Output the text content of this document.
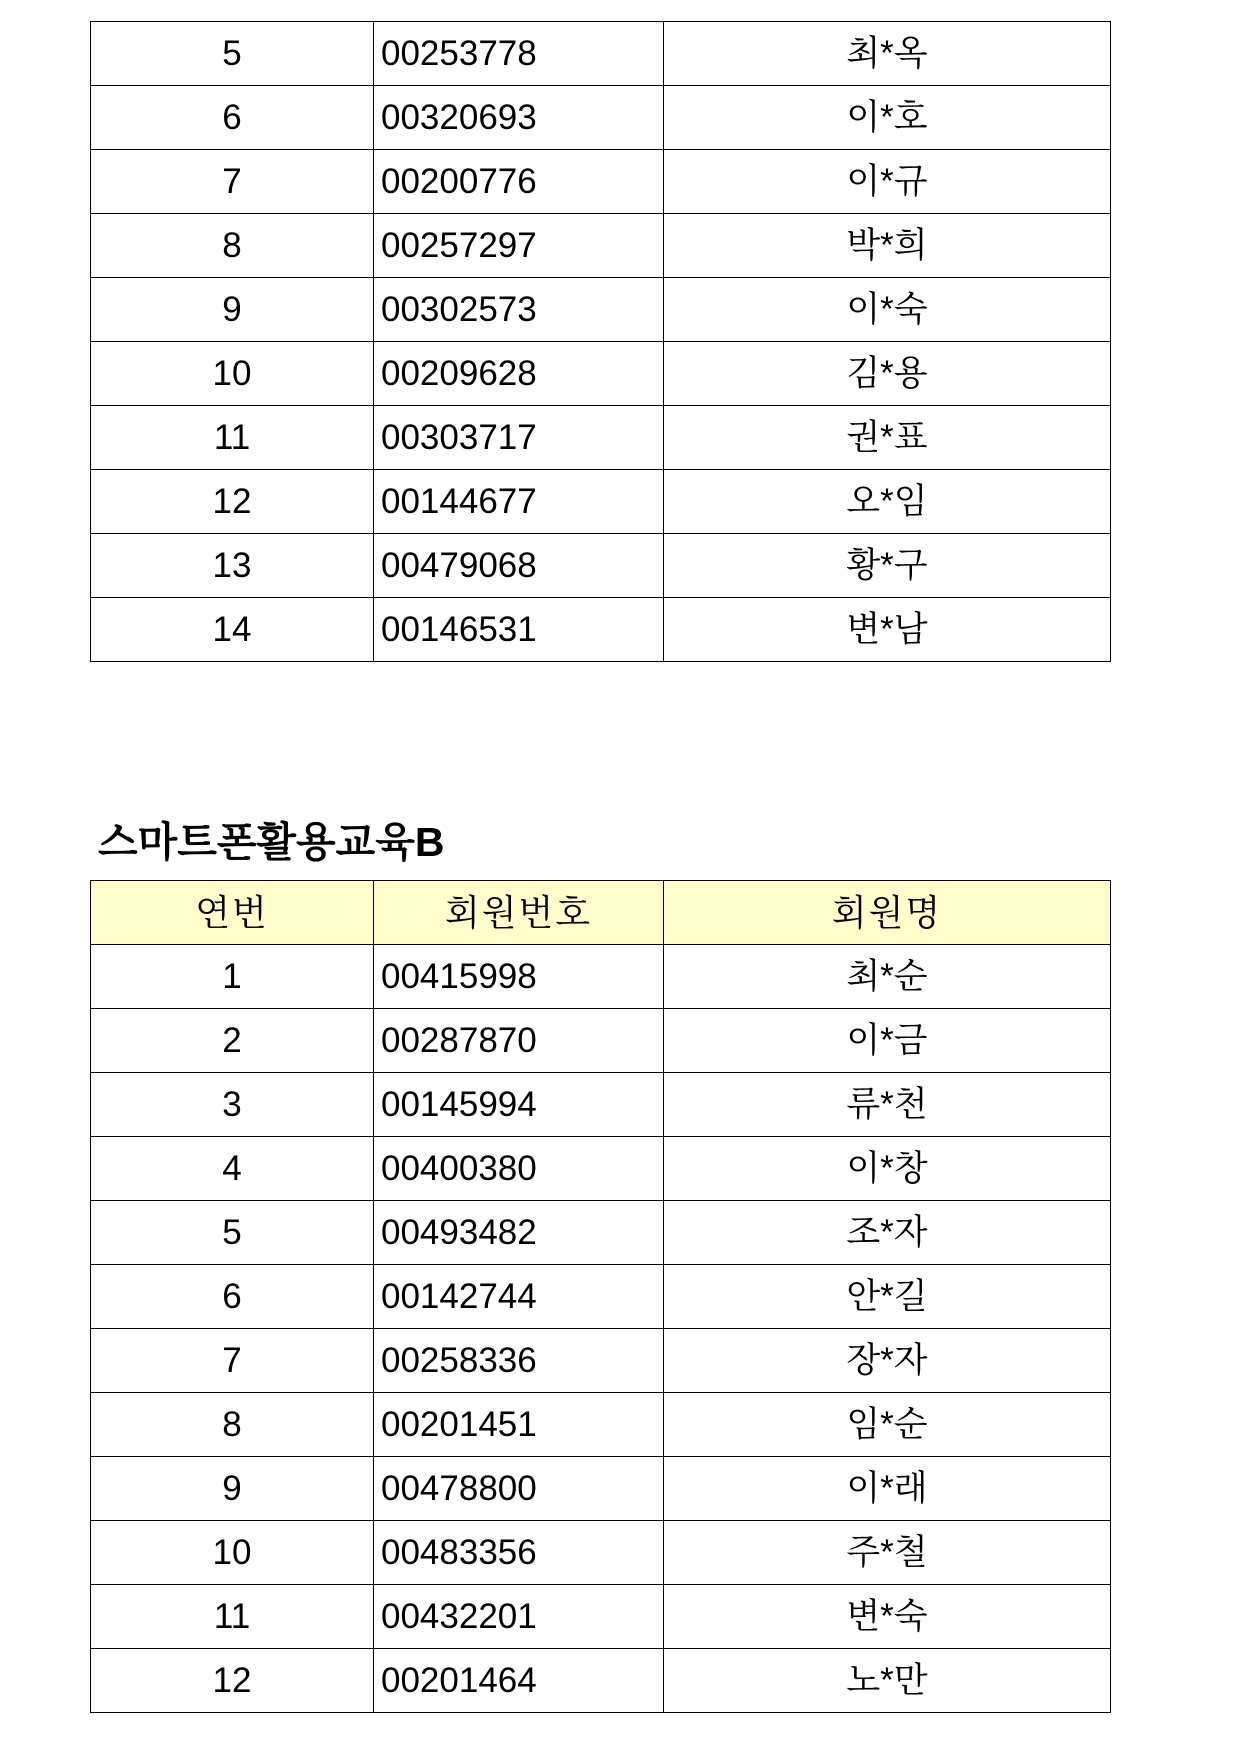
5	00253778	최*옥
6	00320693	이*호
7	00200776	이*규
8	00257297	박*희
9	00302573	이*숙
10	00209628	김*용
11	00303717	권*표
12	00144677	오*임
13	00479068	황*구
14	00146531	변*남
스마트폰활용교육B
연번	회원번호	회원명
1	00415998	최*순
2	00287870	이*금
3	00145994	류*천
4	00400380	이*창
5	00493482	조*자
6	00142744	안*길
7	00258336	장*자
8	00201451	임*순
9	00478800	이*래
10	00483356	주*철
11	00432201	변*숙
12	00201464	노*만
